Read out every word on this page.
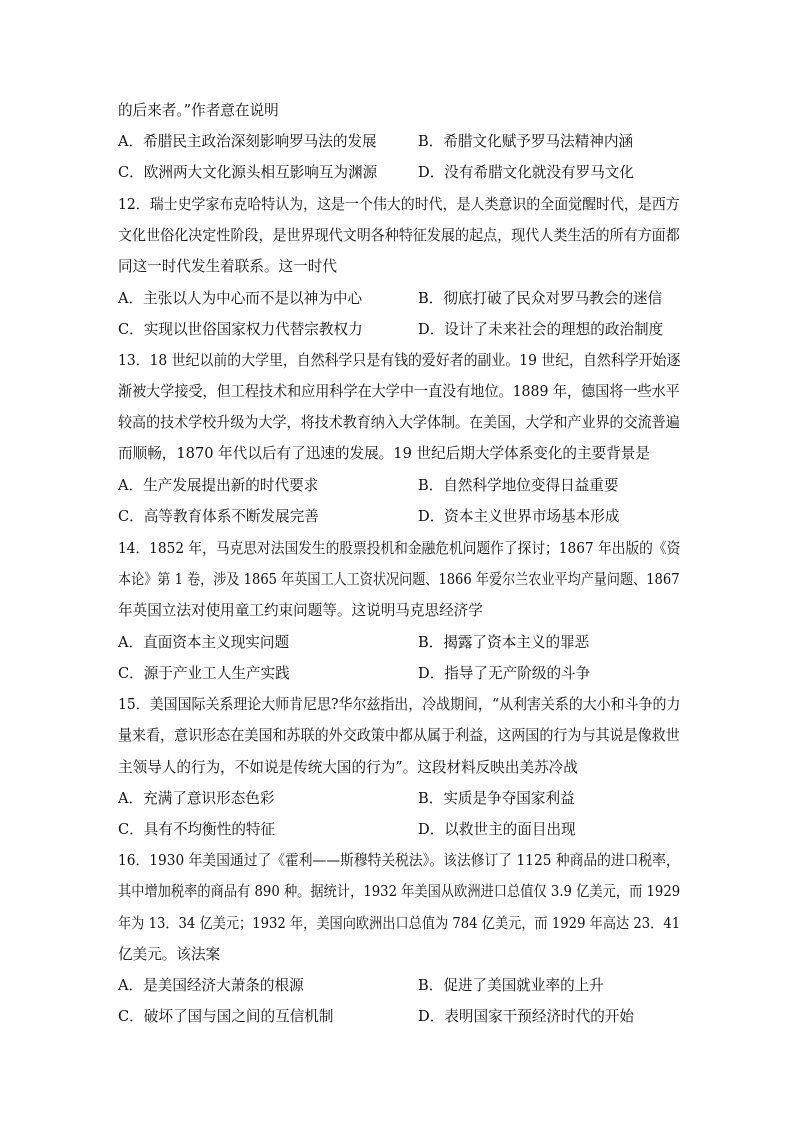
的后来者。”作者意在说明
A．希腊民主政治深刻影响罗马法的发展	B．希腊文化赋予罗马法精神内涵
C．欧洲两大文化源头相互影响互为渊源	D．没有希腊文化就没有罗马文化
12．瑞士史学家布克哈特认为，这是一个伟大的时代，是人类意识的全面觉醒时代，是西方
文化世俗化决定性阶段，是世界现代文明各种特征发展的起点，现代人类生活的所有方面都
同这一时代发生着联系。这一时代
A．主张以人为中心而不是以神为中心	B．彻底打破了民众对罗马教会的迷信
C．实现以世俗国家权力代替宗教权力	D．设计了未来社会的理想的政治制度
13．18 世纪以前的大学里，自然科学只是有钱的爱好者的副业。19 世纪，自然科学开始逐
渐被大学接受，但工程技术和应用科学在大学中一直没有地位。1889 年，德国将一些水平
较高的技术学校升级为大学，将技术教育纳入大学体制。在美国，大学和产业界的交流普遍
而顺畅，1870 年代以后有了迅速的发展。19 世纪后期大学体系变化的主要背景是
A．生产发展提出新的时代要求	B．自然科学地位变得日益重要
C．高等教育体系不断发展完善	D．资本主义世界市场基本形成
14．1852 年，马克思对法国发生的股票投机和金融危机问题作了探讨；1867 年出版的《资
本论》第 1 卷，涉及 1865 年英国工人工资状况问题、1866 年爱尔兰农业平均产量问题、1867
年英国立法对使用童工约束问题等。这说明马克思经济学
A．直面资本主义现实问题	B．揭露了资本主义的罪恶
C．源于产业工人生产实践	D．指导了无产阶级的斗争
15．美国国际关系理论大师肯尼思?华尔兹指出，冷战期间，“从利害关系的大小和斗争的力
量来看，意识形态在美国和苏联的外交政策中都从属于利益，这两国的行为与其说是像救世
主领导人的行为，不如说是传统大国的行为”。这段材料反映出美苏冷战
A．充满了意识形态色彩	B．实质是争夺国家利益
C．具有不均衡性的特征	D．以救世主的面目出现
16．1930 年美国通过了《霍利——斯穆特关税法》。该法修订了 1125 种商品的进口税率，
其中增加税率的商品有 890 种。据统计，1932 年美国从欧洲进口总值仅 3.9 亿美元，而 1929
年为 13．34 亿美元；1932 年，美国向欧洲出口总值为 784 亿美元，而 1929 年高达 23．41
亿美元。该法案
A．是美国经济大萧条的根源	B．促进了美国就业率的上升
C．破坏了国与国之间的互信机制	D．表明国家干预经济时代的开始
